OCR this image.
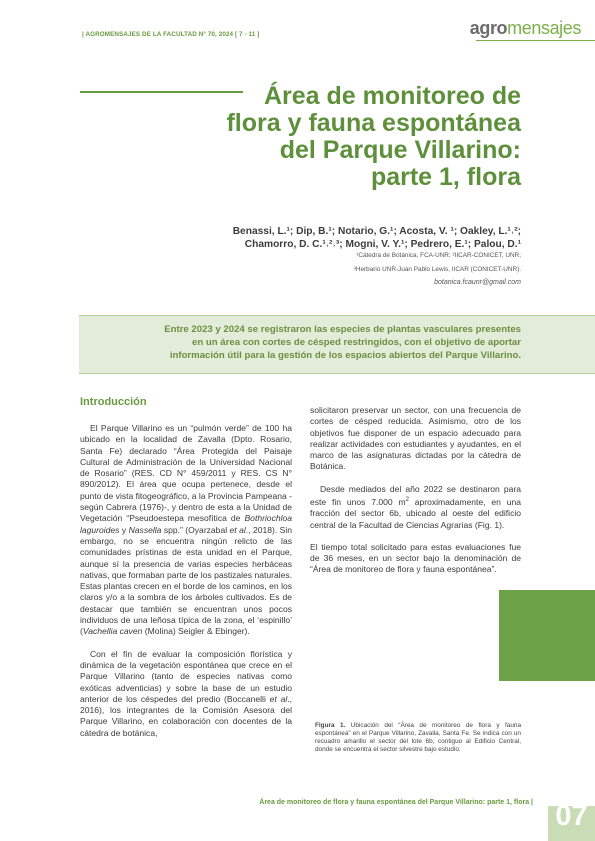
| AGROMENSAJES DE LA FACULTAD N° 70, 2024 [ 7 - 11 ]	agromensajes
Área de monitoreo de
flora y fauna espontánea
del Parque Villarino:
parte 1, flora
Benassi, L.¹; Dip, B.¹; Notario, G.¹; Acosta, V. ¹; Oakley, L.¹˒²;
Chamorro, D. C.¹˒²˒³; Mogni, V. Y.¹; Pedrero, E.¹; Palou, D.¹
¹Cátedra de Botánica, FCA-UNR; ²IICAR-CONICET, UNR;
³Herbario UNR-Juan Pablo Lewis, IICAR (CONICET-UNR).
botanica.fcaunr@gmail.com
Entre 2023 y 2024 se registraron las especies de plantas vasculares presentes
en un área con cortes de césped restringidos, con el objetivo de aportar
información útil para la gestión de los espacios abiertos del Parque Villarino.
Introducción

El Parque Villarino es un “pulmón verde” de 100 ha ubicado en la localidad de Zavalla (Dpto. Rosario, Santa Fe) declarado “Área Protegida del Paisaje Cultural de Administración de la Universidad Nacional de Rosario” (RES. CD N° 459/2011 y RES. CS N° 890/2012). El área que ocupa pertenece, desde el punto de vista fitogeográfico, a la Provincia Pampeana -según Cabrera (1976)-, y dentro de esta a la Unidad de Vegetación “Pseudoestepa mesofítica de Bothriochloa laguroides y Nassella spp.” (Oyarzabal et al., 2018). Sin embargo, no se encuentra ningún relicto de las comunidades prístinas de esta unidad en el Parque, aunque sí la presencia de varias especies herbáceas nativas, que formaban parte de los pastizales naturales. Estas plantas crecen en el borde de los caminos, en los claros y/o a la sombra de los árboles cultivados. Es de destacar que también se encuentran unos pocos individuos de una leñosa típica de la zona, el ‘espinillo’ (Vachellia caven (Molina) Seigler & Ebinger).

Con el fin de evaluar la composición florística y dinámica de la vegetación espontánea que crece en el Parque Villarino (tanto de especies nativas como exóticas adventicias) y sobre la base de un estudio anterior de los céspedes del predio (Boccanelli et al., 2016), los integrantes de la Comisión Asesora del Parque Villarino, en colaboración con docentes de la cátedra de botánica,

solicitaron preservar un sector, con una frecuencia de cortes de césped reducida. Asimismo, otro de los objetivos fue disponer de un espacio adecuado para realizar actividades con estudiantes y ayudantes, en el marco de las asignaturas dictadas por la cátedra de Botánica.

Desde mediados del año 2022 se destinaron para este fin unos 7.000 $m^2$ aproximadamente, en una fracción del sector 6b, ubicado al oeste del edificio central de la Facultad de Ciencias Agrarias (Fig. 1).

El tiempo total solicitado para estas evaluaciones fue de 36 meses, en un sector bajo la denominación de “Área de monitoreo de flora y fauna espontánea”.

Figura 1. Ubicación del “Área de monitoreo de flora y fauna espontánea” en el Parque Villarino, Zavalla, Santa Fe. Se indica con un recuadro amarillo el sector del lote 6b, contiguo al Edificio Central, donde se encuentra el sector silvestre bajo estudio.
Área de monitoreo de flora y fauna espontánea del Parque Villarino: parte 1, flora | 07
